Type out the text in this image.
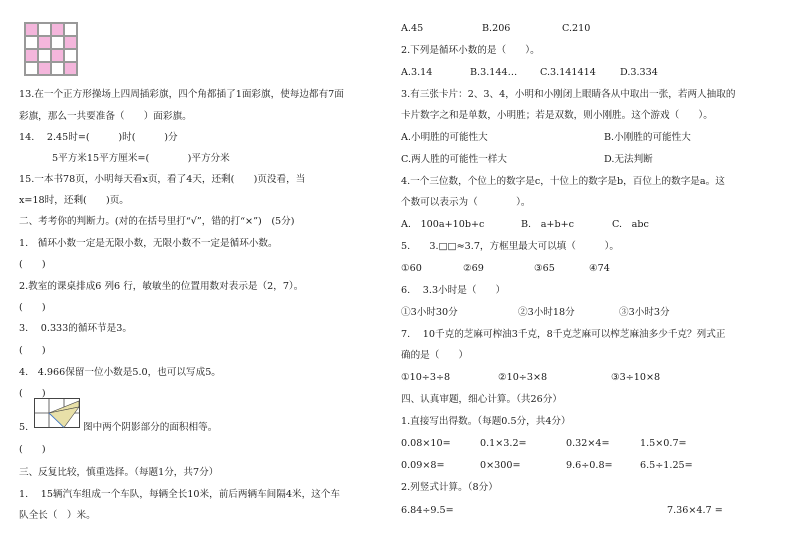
13.在一个正方形操场上四周插彩旗，四个角都插了1面彩旗，使每边都有7面
彩旗，那么一共要准备（　　）面彩旗。
14.　 2.45时=(　　　)时(　　　)分
5平方米15平方厘米=(　　　　)平方分米
15.一本书78页，小明每天看x页，看了4天，还剩(　　)页没看，当
x=18时，还剩(　　)页。
二、考考你的判断力。(对的在括号里打“√”，错的打“×”)　(5分)
1.　循环小数一定是无限小数，无限小数不一定是循环小数。
(　　)
2.教室的课桌排成6 列6 行，敏敏坐的位置用数对表示是（2，7）。
(　　)
3.　 0.333的循环节是3。
(　　)
4.　4.966保留一位小数是5.0，也可以写成5。
(　　)
5.	图中两个阴影部分的面积相等。
(　　)
三、反复比较，慎重选择。（每题1分，共7分）
1.　 15辆汽车组成一个车队，每辆全长10米，前后两辆车间隔4米，这个车
队全长（　）米。
A.45	B.206	C.210
2.下列是循环小数的是（　　）。
A.3.14	B.3.144… C.3.141414	D.3.334
3.有三张卡片：2、3、4，小明和小刚闭上眼睛各从中取出一张，若两人抽取的
卡片数字之和是单数，小明胜；若是双数，则小刚胜。这个游戏（　　）。
A.小明胜的可能性大	B.小刚胜的可能性大
C.两人胜的可能性一样大	D.无法判断
4.一个三位数，个位上的数字是c，十位上的数字是b，百位上的数字是a。这
个数可以表示为（　　　　）。
A.　100a+10b+c	B.　a+b+c	C.　abc
5.　　3.□□≈3.7，方框里最大可以填（　　　）。
①60	②69	③65	④74
6.　 3.3小时是（　　）
①3小时30分	②3小时18分	③3小时3分
7.　 10千克的芝麻可榨油3千克，8千克芝麻可以榨芝麻油多少千克？列式正
确的是（　　）
①10÷3÷8	②10÷3×8	③3÷10×8
四、认真审题，细心计算。（共26分）
1.直接写出得数。（每题0.5分，共4分）
0.08×10=	0.1×3.2=	0.32×4=	1.5×0.7=
0.09×8=	0×300=	9.6÷0.8=	6.5÷1.25=
2.列竖式计算。（8分）
6.84÷9.5=	7.36×4.7 =
